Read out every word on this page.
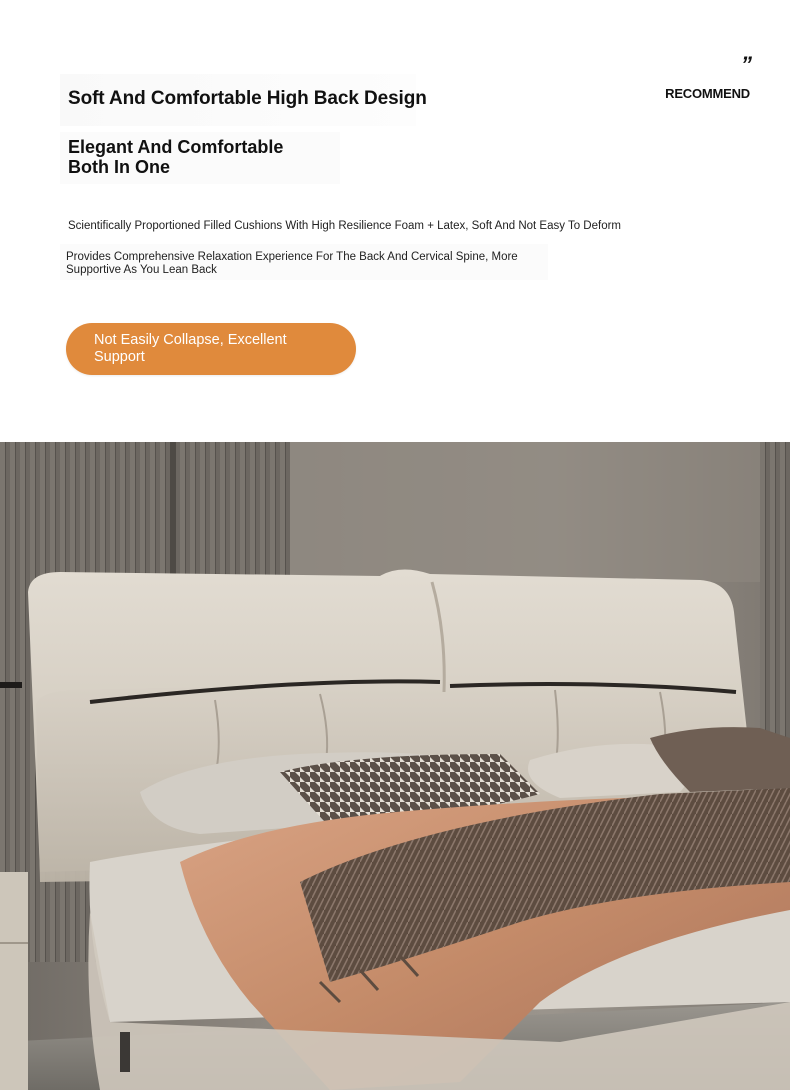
”
RECOMMEND
Soft And Comfortable High Back Design
Elegant And Comfortable
Both In One

Scientifically Proportioned Filled Cushions With High Resilience Foam + Latex, Soft And Not Easy To Deform

Provides Comprehensive Relaxation Experience For The Back And Cervical Spine, More Supportive As You Lean Back

Not Easily Collapse, Excellent Support
